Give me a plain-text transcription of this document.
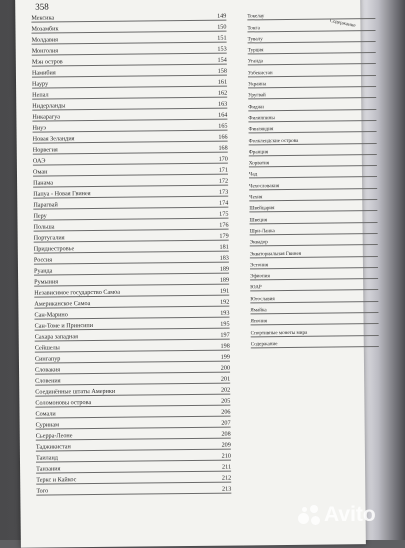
358
Содержание
Мексика	149
Мозамбик	150
Молдавия	151
Монголия	153
Мэн остров	154
Намибия	158
Науру	161
Непал	162
Нидерланды	163
Никарагуа	164
Ниуэ	165
Новая Зеландия	166
Норвегия	168
ОАЭ	170
Оман	171
Панама	172
Папуа - Новая Гвинея	173
Парагвай	174
Перу	175
Польша	176
Португалия	179
Приднестровье	181
Россия	183
Руанда	189
Румыния	189
Независимое государство Самоа	191
Американское Самоа	192
Сан-Марино	193
Сан-Томе и Принсипи	195
Сахара западная	197
Сейшелы	198
Сингапур	199
Словакия	200
Словения	201
Соединённые штаты Америки	202
Соломоновы острова	205
Сомали	206
Суринам	207
Сьерра-Леоне	208
Таджикистан	209
Таиланд	210
Танзания	211
Теркс и Кайкос	212
Того	213
Токелау
Тонга
Тувалу
Турция
Уганда
Узбекистан
Украина
Уругвай
Фиджи
Филиппины
Финляндия
Фолклендские острова
Франция
Хорватия
Чад
Чехословакия
Чехия
Швейцария
Швеция
Шри-Ланка
Эквадор
Экваториальная Гвинея
Эстония
Эфиопия
ЮАР
Югославия
Ямайка
Япония
Спортивные монеты мира
Содержание
Avito
